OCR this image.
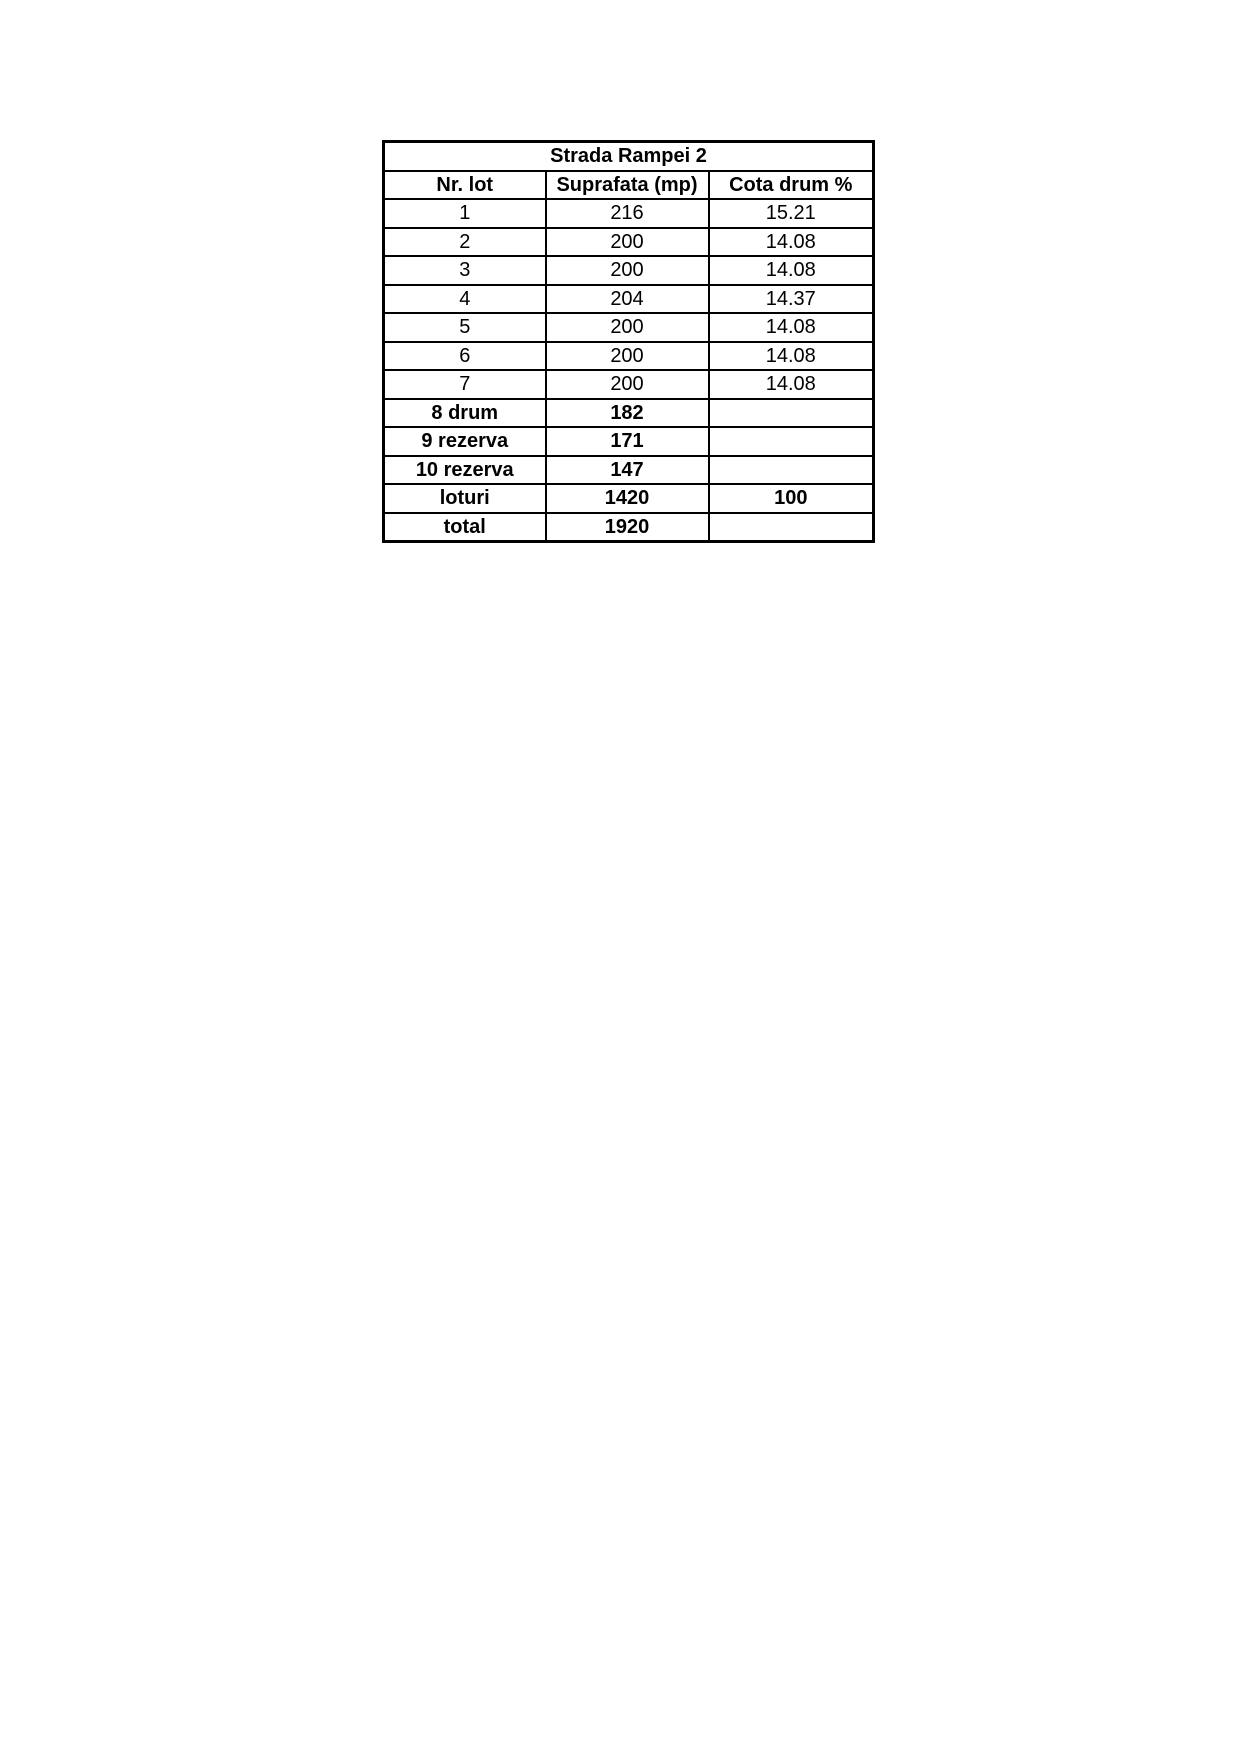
Strada Rampei 2		
Nr. lot	Suprafata (mp)	Cota drum %
1	216	15.21
2	200	14.08
3	200	14.08
4	204	14.37
5	200	14.08
6	200	14.08
7	200	14.08
8 drum	182	
9 rezerva	171	
10 rezerva	147	
loturi	1420	100
total	1920	
